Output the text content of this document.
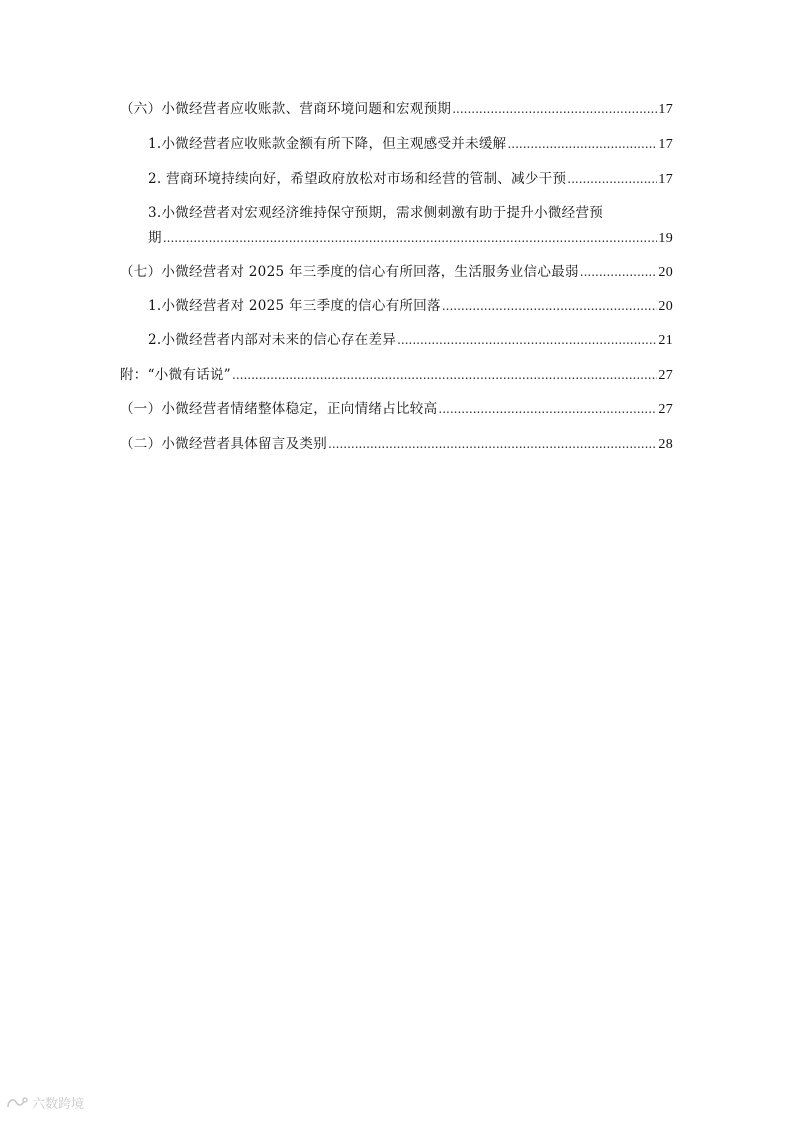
（六）小微经营者应收账款、营商环境问题和宏观预期 .....	17
1.小微经营者应收账款金额有所下降，但主观感受并未缓解 .....	17
2. 营商环境持续向好，希望政府放松对市场和经营的管制、减少干预 .....	17
3.小微经营者对宏观经济维持保守预期，需求侧刺激有助于提升小微经营预
期 .....	19
（七）小微经营者对 2025 年三季度的信心有所回落，生活服务业信心最弱 .....	20
1.小微经营者对 2025 年三季度的信心有所回落 .....	20
2.小微经营者内部对未来的信心存在差异 .....	21
附：“小微有话说” .....	27
（一）小微经营者情绪整体稳定，正向情绪占比较高 .....	27
（二）小微经营者具体留言及类别 .....	28
六数跨境
